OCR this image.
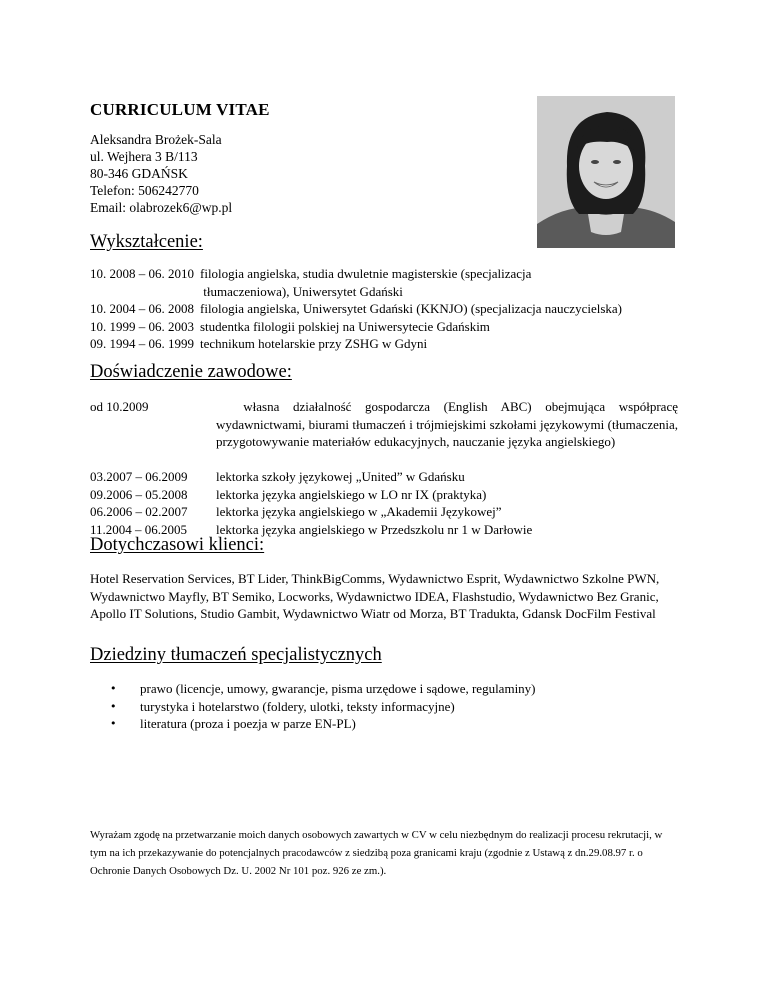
CURRICULUM VITAE
Aleksandra Brożek-Sala
ul. Wejhera 3 B/113
80-346 GDAŃSK
Telefon: 506242770
Email: olabrozek6@wp.pl
Wykształcenie:
10. 2008 – 06. 2010 filologia angielska, studia dwuletnie magisterskie (specjalizacja
tłumaczeniowa), Uniwersytet Gdański
10. 2004 – 06. 2008 filologia angielska, Uniwersytet Gdański (KKNJO) (specjalizacja nauczycielska)
10. 1999 – 06. 2003 studentka filologii polskiej na Uniwersytecie Gdańskim
09. 1994 – 06. 1999 technikum hotelarskie przy ZSHG w Gdyni
Doświadczenie zawodowe:
od 10.2009	własna działalność gospodarcza (English ABC) obejmująca współpracę wydawnictwami, biurami tłumaczeń i trójmiejskimi szkołami językowymi (tłumaczenia, przygotowywanie materiałów edukacyjnych, nauczanie języka angielskiego)
03.2007 – 06.2009	lektorka szkoły językowej „United” w Gdańsku
09.2006 – 05.2008	lektorka języka angielskiego w LO nr IX (praktyka)
06.2006 – 02.2007	lektorka języka angielskiego w „Akademii Językowej”
11.2004 – 06.2005	lektorka języka angielskiego w Przedszkolu nr 1 w Darłowie
Dotychczasowi klienci:
Hotel Reservation Services, BT Lider, ThinkBigComms, Wydawnictwo Esprit, Wydawnictwo Szkolne PWN, Wydawnictwo Mayfly, BT Semiko, Locworks, Wydawnictwo IDEA, Flashstudio, Wydawnictwo Bez Granic, Apollo IT Solutions, Studio Gambit, Wydawnictwo Wiatr od Morza, BT Tradukta, Gdansk DocFilm Festival
Dziedziny tłumaczeń specjalistycznych
•	prawo (licencje, umowy, gwarancje, pisma urzędowe i sądowe, regulaminy)
•	turystyka i hotelarstwo (foldery, ulotki, teksty informacyjne)
•	literatura (proza i poezja w parze EN-PL)
Wyrażam zgodę na przetwarzanie moich danych osobowych zawartych w CV w celu niezbędnym do realizacji procesu rekrutacji, w tym na ich przekazywanie do potencjalnych pracodawców z siedzibą poza granicami kraju (zgodnie z Ustawą z dn.29.08.97 r. o Ochronie Danych Osobowych Dz. U. 2002 Nr 101 poz. 926 ze zm.).
